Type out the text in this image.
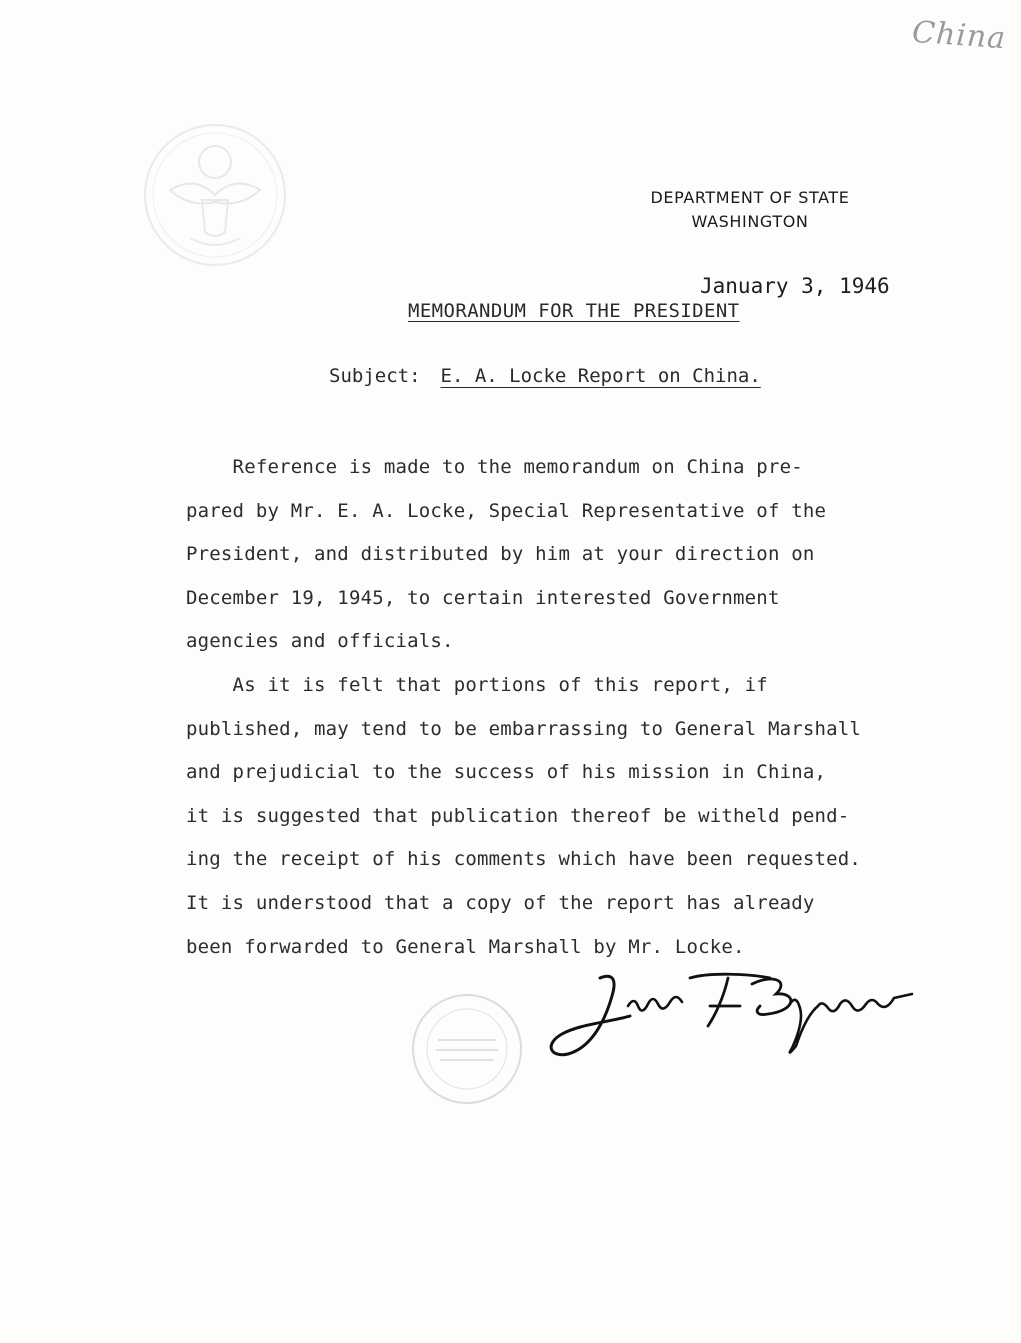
China
DEPARTMENT OF STATE
WASHINGTON
January 3, 1946
MEMORANDUM FOR THE PRESIDENT
Subject: E. A. Locke Report on China.
Reference is made to the memorandum on China pre-
pared by Mr. E. A. Locke, Special Representative of the
President, and distributed by him at your direction on
December 19, 1945, to certain interested Government
agencies and officials.
As it is felt that portions of this report, if
published, may tend to be embarrassing to General Marshall
and prejudicial to the success of his mission in China,
it is suggested that publication thereof be witheld pend-
ing the receipt of his comments which have been requested.
It is understood that a copy of the report has already
been forwarded to General Marshall by Mr. Locke.
